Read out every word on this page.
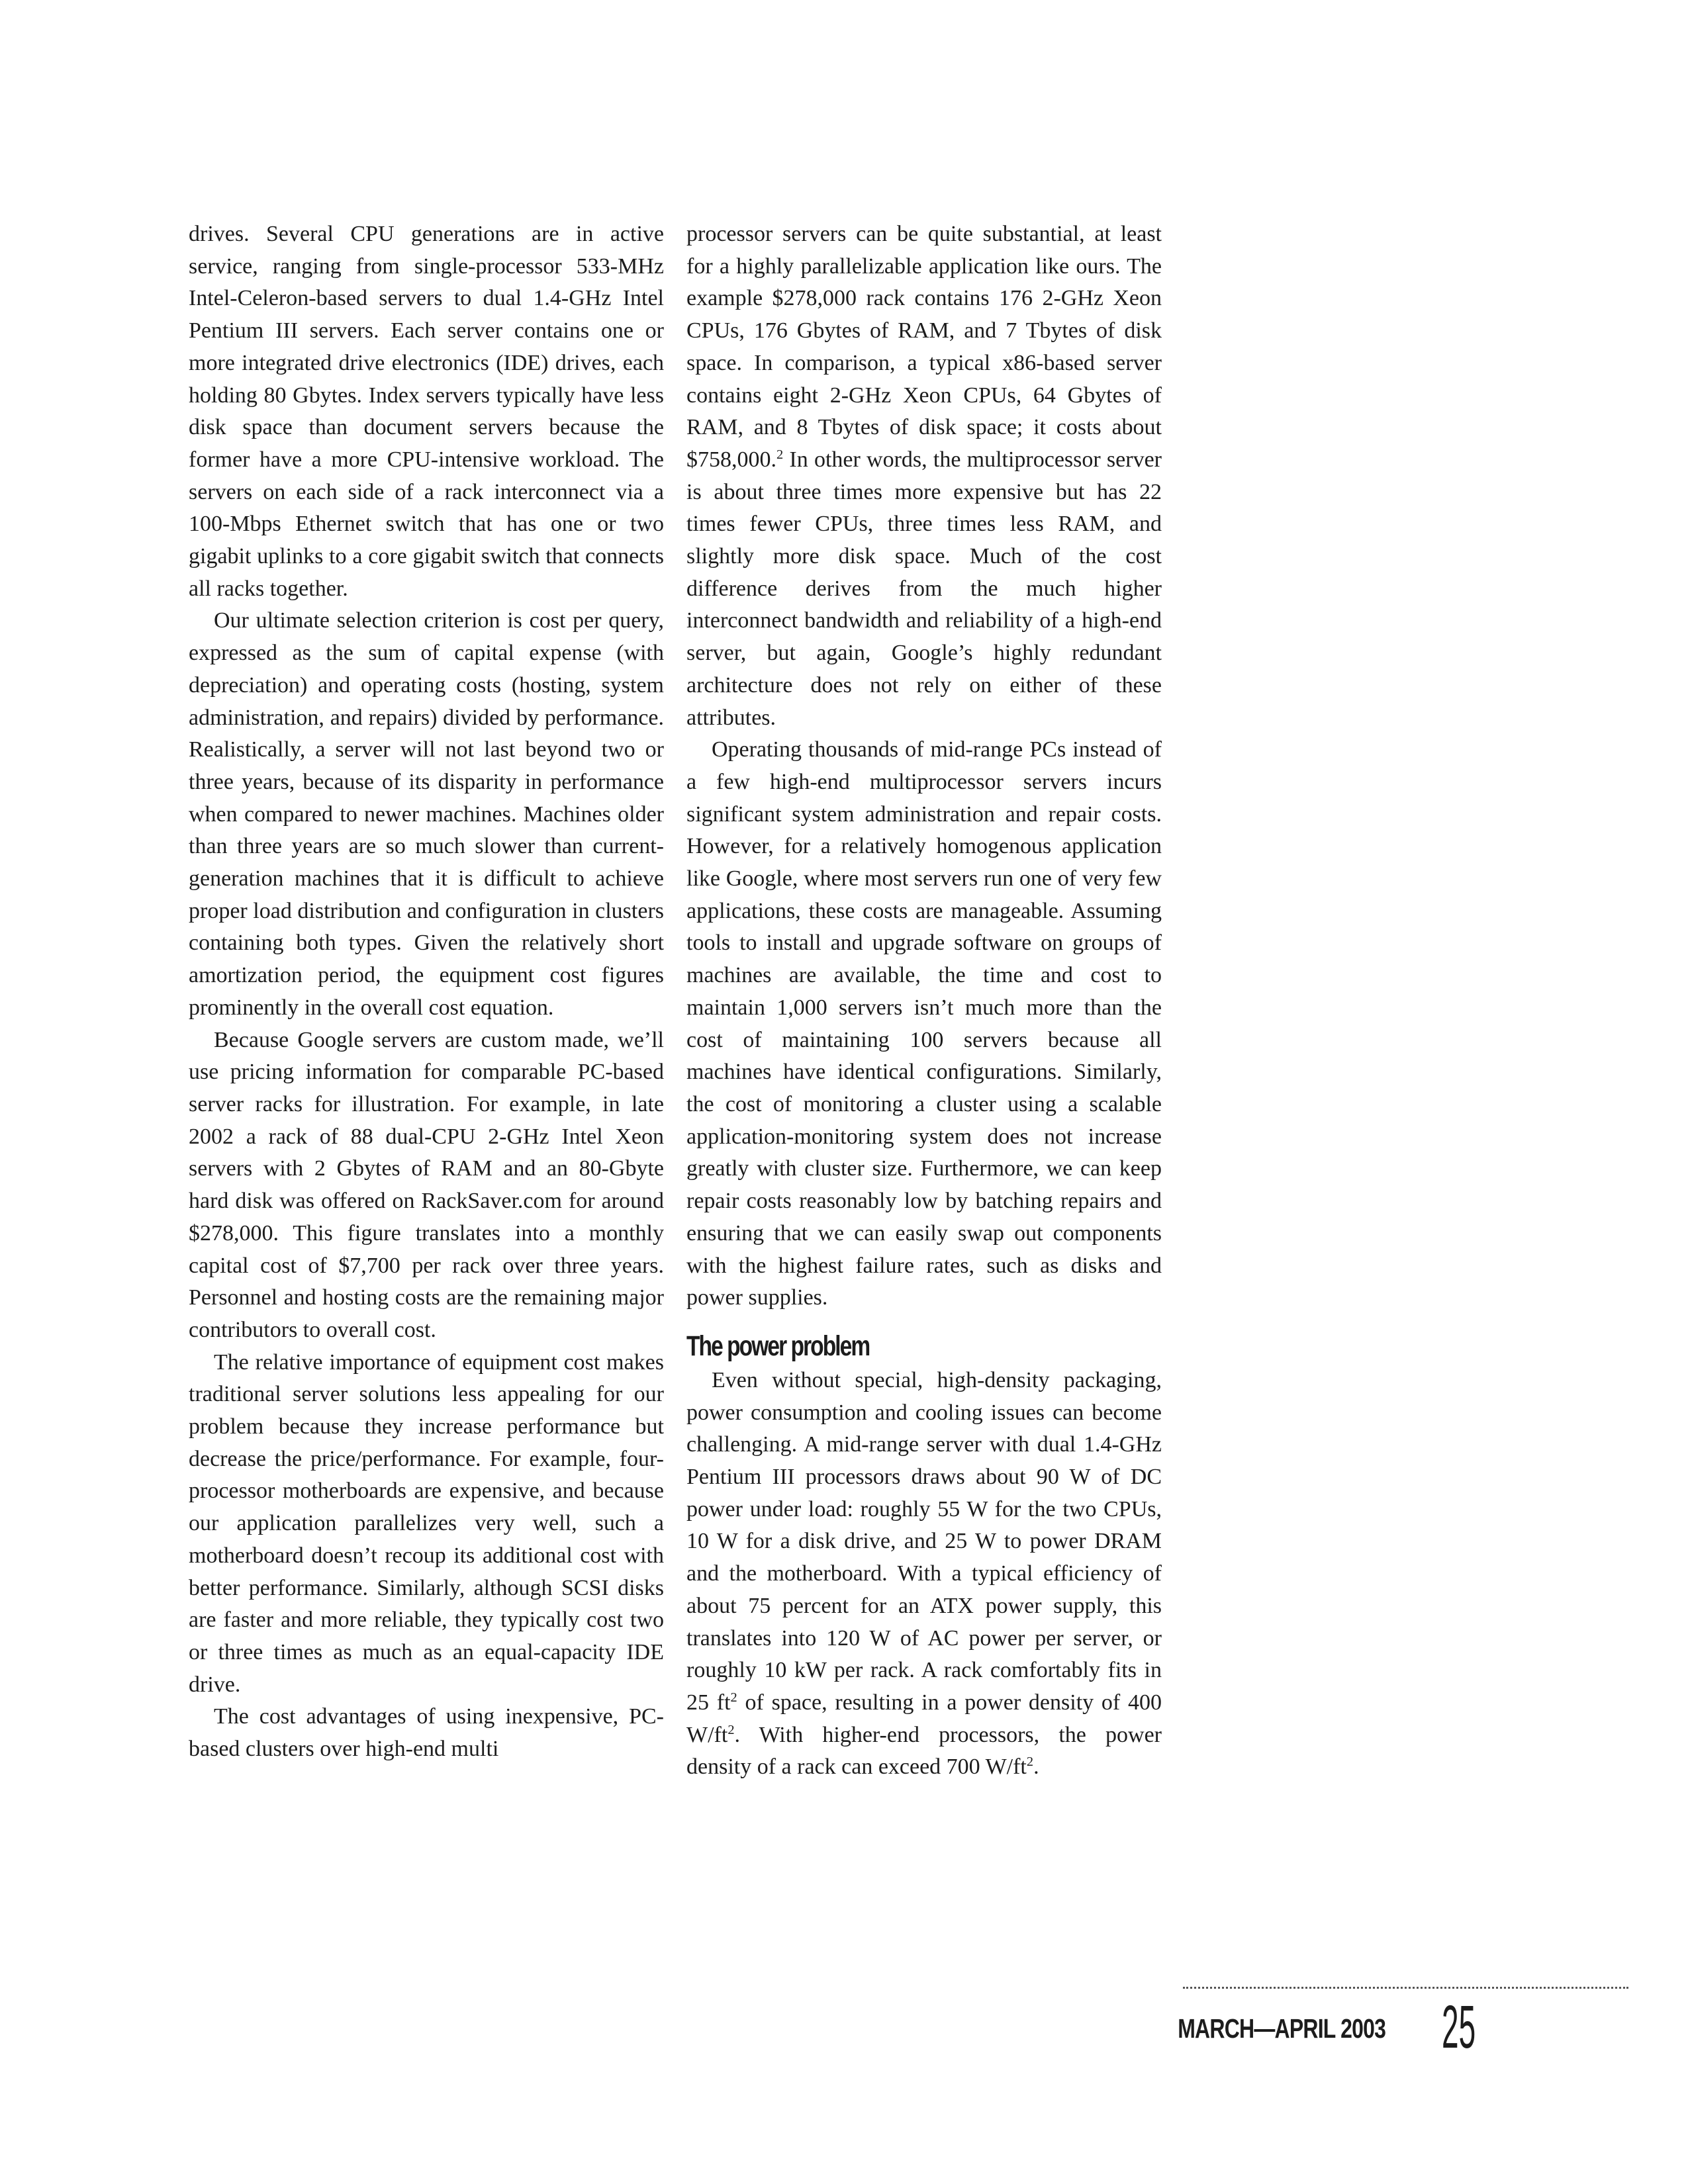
drives. Several CPU generations are in active service, ranging from single-processor 533-MHz Intel-Celeron-based servers to dual 1.4-GHz Intel Pentium III servers. Each server contains one or more integrated drive electronics (IDE) drives, each holding 80 Gbytes. Index servers typically have less disk space than document servers because the former have a more CPU-intensive workload. The servers on each side of a rack interconnect via a 100-Mbps Ethernet switch that has one or two gigabit uplinks to a core gigabit switch that connects all racks together.

Our ultimate selection criterion is cost per query, expressed as the sum of capital expense (with depreciation) and operating costs (hosting, system administration, and repairs) divided by performance. Realistically, a server will not last beyond two or three years, because of its disparity in performance when compared to newer machines. Machines older than three years are so much slower than current-generation machines that it is difficult to achieve proper load distribution and configuration in clusters containing both types. Given the relatively short amortization period, the equipment cost figures prominently in the overall cost equation.

Because Google servers are custom made, we’ll use pricing information for comparable PC-based server racks for illustration. For example, in late 2002 a rack of 88 dual-CPU 2-GHz Intel Xeon servers with 2 Gbytes of RAM and an 80-Gbyte hard disk was offered on RackSaver.com for around $278,000. This figure translates into a monthly capital cost of $7,700 per rack over three years. Personnel and hosting costs are the remaining major contributors to overall cost.

The relative importance of equipment cost makes traditional server solutions less appealing for our problem because they increase performance but decrease the price/performance. For example, four-processor motherboards are expensive, and because our application parallelizes very well, such a motherboard doesn’t recoup its additional cost with better performance. Similarly, although SCSI disks are faster and more reliable, they typically cost two or three times as much as an equal-capacity IDE drive.

The cost advantages of using inexpensive, PC-based clusters over high-end multi

processor servers can be quite substantial, at least for a highly parallelizable application like ours. The example $278,000 rack contains 176 2-GHz Xeon CPUs, 176 Gbytes of RAM, and 7 Tbytes of disk space. In comparison, a typical x86-based server contains eight 2-GHz Xeon CPUs, 64 Gbytes of RAM, and 8 Tbytes of disk space; it costs about $758,000.$^2$ In other words, the multiprocessor server is about three times more expensive but has 22 times fewer CPUs, three times less RAM, and slightly more disk space. Much of the cost difference derives from the much higher interconnect bandwidth and reliability of a high-end server, but again, Google’s highly redundant architecture does not rely on either of these attributes.

Operating thousands of mid-range PCs instead of a few high-end multiprocessor servers incurs significant system administration and repair costs. However, for a relatively homogenous application like Google, where most servers run one of very few applications, these costs are manageable. Assuming tools to install and upgrade software on groups of machines are available, the time and cost to maintain 1,000 servers isn’t much more than the cost of maintaining 100 servers because all machines have identical configurations. Similarly, the cost of monitoring a cluster using a scalable application-monitoring system does not increase greatly with cluster size. Furthermore, we can keep repair costs reasonably low by batching repairs and ensuring that we can easily swap out components with the highest failure rates, such as disks and power supplies.

The power problem

Even without special, high-density packaging, power consumption and cooling issues can become challenging. A mid-range server with dual 1.4-GHz Pentium III processors draws about 90 W of DC power under load: roughly 55 W for the two CPUs, 10 W for a disk drive, and 25 W to power DRAM and the motherboard. With a typical efficiency of about 75 percent for an ATX power supply, this translates into 120 W of AC power per server, or roughly 10 kW per rack. A rack comfortably fits in 25 $ft^2$ of space, resulting in a power density of 400 $W/ft^2$. With higher-end processors, the power density of a rack can exceed 700 $W/ft^2$.

MARCH—APRIL 2003 25
